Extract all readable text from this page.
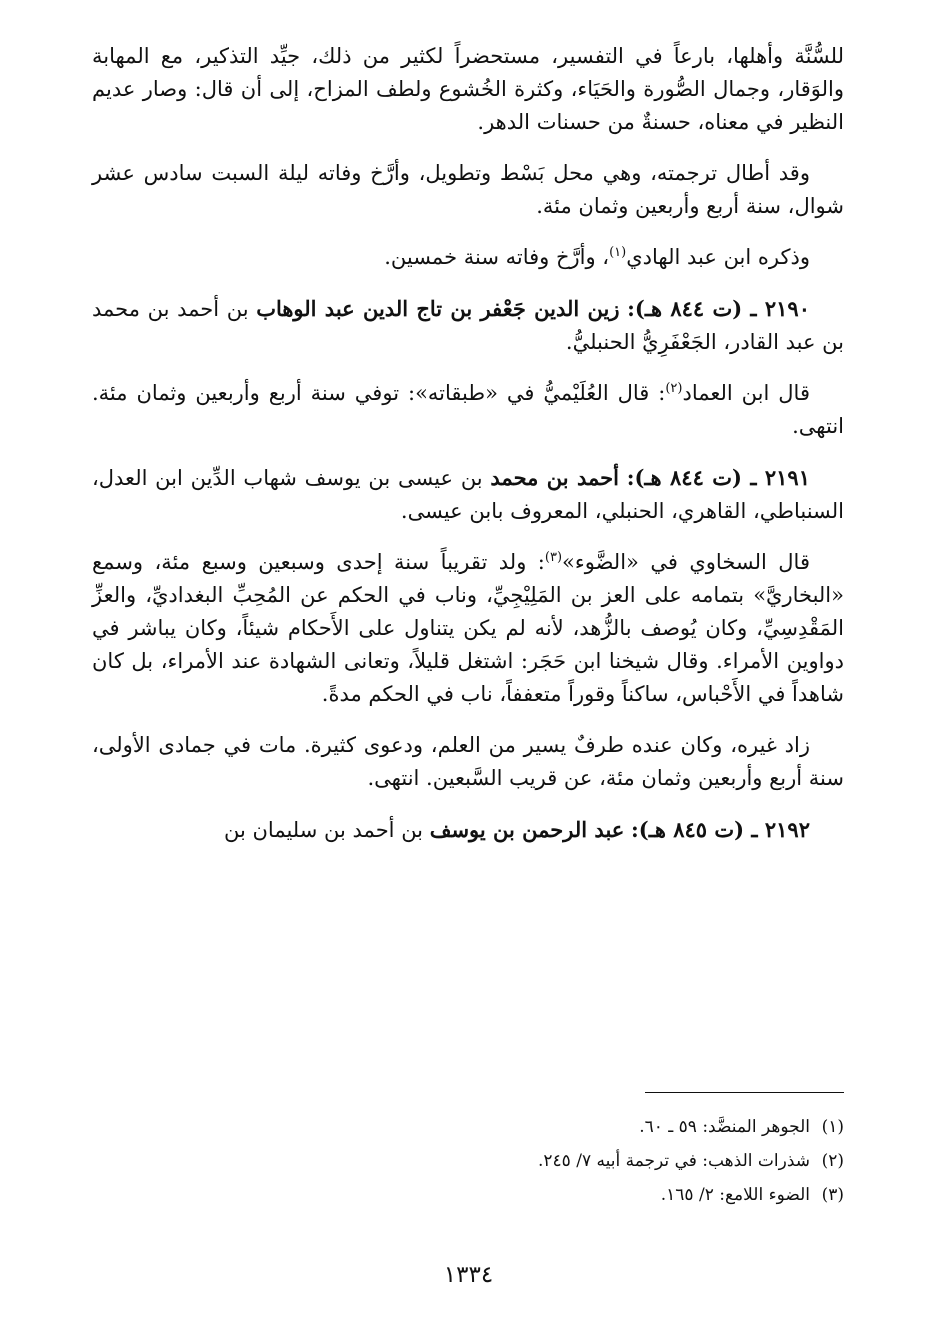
للسُّنَّة وأهلها، بارعاً في التفسير، مستحضراً لكثير من ذلك، جيِّد التذكير، مع المهابة والوَقار، وجمال الصُّورة والحَيَاء، وكثرة الخُشوع ولطف المزاح، إلى أن قال: وصار عديم النظير في معناه، حسنةٌ من حسنات الدهر.

وقد أطال ترجمته، وهي محل بَسْط وتطويل، وأرَّخ وفاته ليلة السبت سادس عشر شوال، سنة أربع وأربعين وثمان مئة.

وذكره ابن عبد الهادي$^{(١)}$، وأرَّخ وفاته سنة خمسين.

٢١٩٠ ـ (ت ٨٤٤ هـ): زين الدين جَعْفر بن تاج الدين عبد الوهاب بن أحمد بن محمد بن عبد القادر، الجَعْفَرِيُّ الحنبليُّ.

قال ابن العماد$^{(٢)}$: قال العُلَيْميُّ في «طبقاته»: توفي سنة أربع وأربعين وثمان مئة. انتهى.

٢١٩١ ـ (ت ٨٤٤ هـ): أحمد بن محمد بن عيسى بن يوسف شهاب الدِّين ابن العدل، السنباطي، القاهري، الحنبلي، المعروف بابن عيسى.

قال السخاوي في «الضَّوء»$^{(٣)}$: ولد تقريباً سنة إحدى وسبعين وسبع مئة، وسمع «البخاريَّ» بتمامه على العز بن المَلِيْجِيِّ، وناب في الحكم عن المُحِبِّ البغداديِّ، والعزِّ المَقْدِسِيِّ، وكان يُوصف بالزُّهد، لأنه لم يكن يتناول على الأَحكام شيئاً، وكان يباشر في دواوين الأمراء. وقال شيخنا ابن حَجَر: اشتغل قليلاً، وتعانى الشهادة عند الأمراء، بل كان شاهداً في الأَحْباس، ساكناً وقوراً متعففاً، ناب في الحكم مدةً.

زاد غيره، وكان عنده طرفٌ يسير من العلم، ودعوى كثيرة. مات في جمادى الأولى، سنة أربع وأربعين وثمان مئة، عن قريب السَّبعين. انتهى.

٢١٩٢ ـ (ت ٨٤٥ هـ): عبد الرحمن بن يوسف بن أحمد بن سليمان بن

(١)الجوهر المنضَّد: ٥٩ ـ ٦٠.

(٢)شذرات الذهب: في ترجمة أبيه ٧/ ٢٤٥.

(٣)الضوء اللامع: ٢/ ١٦٥.

١٣٣٤
